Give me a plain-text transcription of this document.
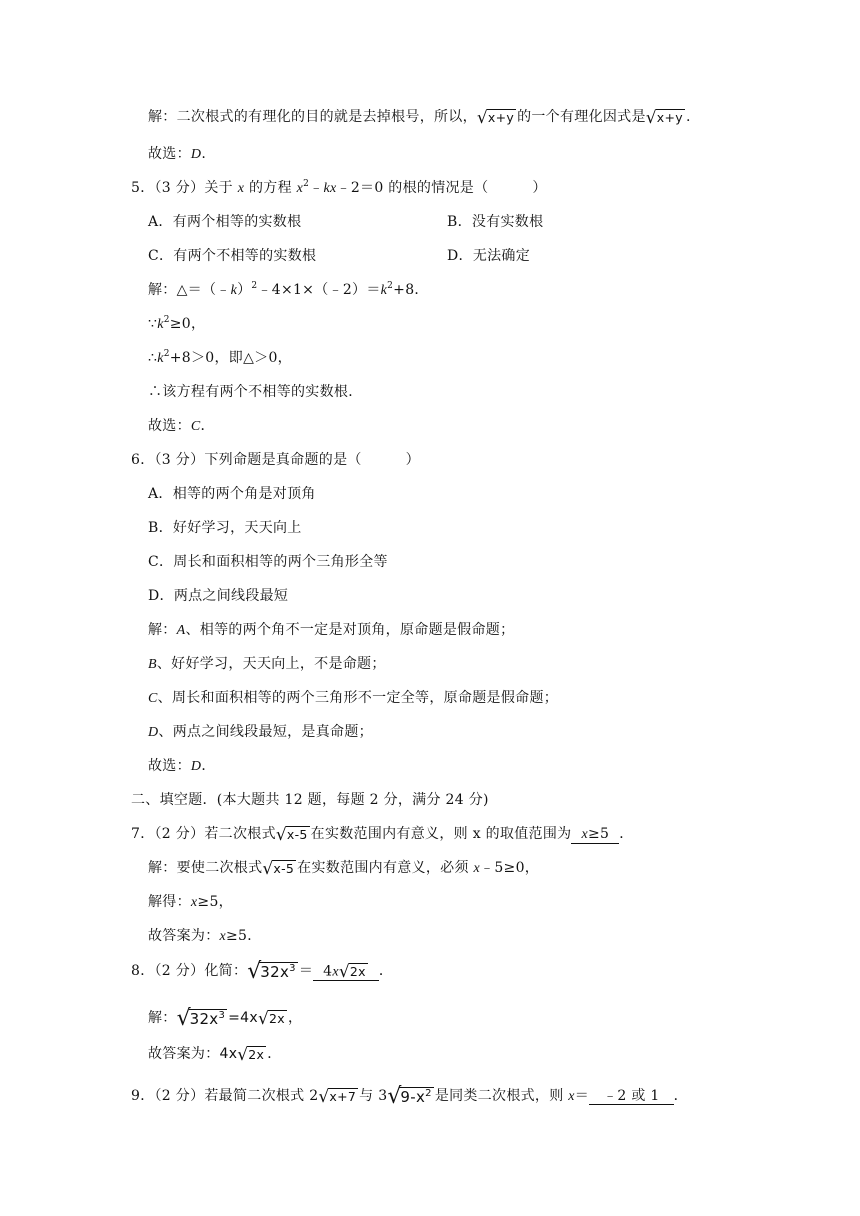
解：二次根式的有理化的目的就是去掉根号，所以， √ x+y 的一个有理化因式是 √ x+y .
故选：D.
5．（3 分）关于 x 的方程 $x^2﹣kx﹣2=0$ 的根的情况是（	）
A．有两个相等的实数根	B．没有实数根
C．有两个不相等的实数根	D．无法确定
解：$\triangle=(﹣k)^2﹣4\times 1\times(﹣2)=k^2+8$．
$\because k^2\ge 0$，
$\therefore k^2+8>0$，即△＞0，
∴该方程有两个不相等的实数根．
故选：C．
6．（3 分）下列命题是真命题的是（	）
A．相等的两个角是对顶角
B．好好学习，天天向上
C．周长和面积相等的两个三角形全等
D．两点之间线段最短
解：A、相等的两个角不一定是对顶角，原命题是假命题；
B、好好学习，天天向上，不是命题；
C、周长和面积相等的两个三角形不一定全等，原命题是假命题；
D、两点之间线段最短，是真命题；
故选：D．
二、填空题．(本大题共 12 题，每题 2 分，满分 24 分)
7．（2 分）若二次根式 √ x-5 在实数范围内有意义，则 x 的取值范围为 x≥5 ．
解：要使二次根式 √ x-5 在实数范围内有意义，必须 x﹣5≥0，
解得：x≥5，
故答案为：x≥5．
8．（2 分）化简： √
$32x^3 = 4x$ √ 2x ．
解： √
$32x^3 =4x$ √ 2x ，
故答案为：4x √ 2x ．
9．（2 分）若最简二次根式 2 √ x+7 与 3 √
$9-x^2$ 是同类二次根式，则 x＝ ﹣2 或 1 ．
